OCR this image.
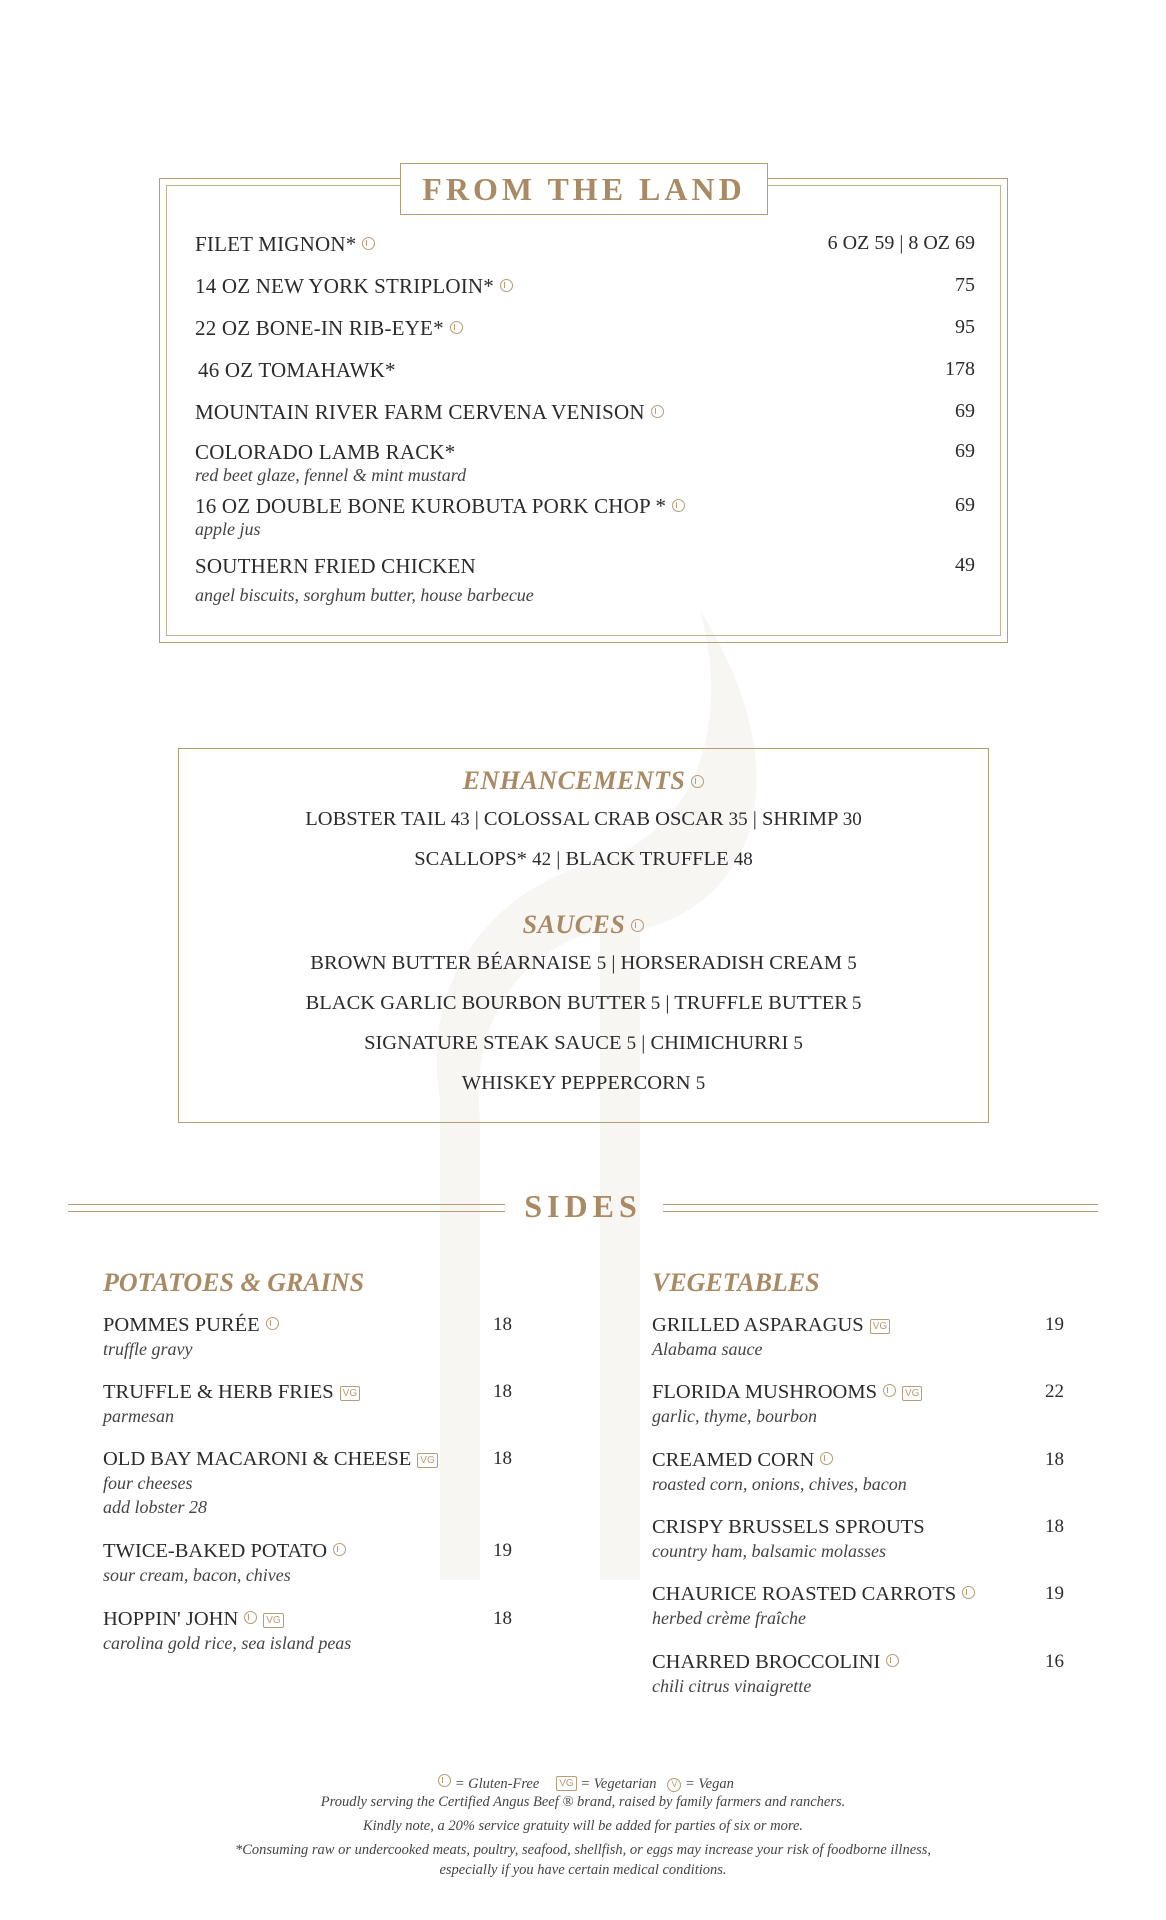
FROM THE LAND
FILET MIGNON*	6 OZ 59 | 8 OZ 69
14 OZ NEW YORK STRIPLOIN*	75
22 OZ BONE-IN RIB-EYE*	95
46 OZ TOMAHAWK*	178
MOUNTAIN RIVER FARM CERVENA VENISON	69
COLORADO LAMB RACK*
red beet glaze, fennel & mint mustard
69
16 OZ DOUBLE BONE KUROBUTA PORK CHOP *
apple jus
69
SOUTHERN FRIED CHICKEN
angel biscuits, sorghum butter, house barbecue
49
ENHANCEMENTS
LOBSTER TAIL 43 | COLOSSAL CRAB OSCAR 35 | SHRIMP 30
SCALLOPS* 42 | BLACK TRUFFLE 48
SAUCES
BROWN BUTTER BÉARNAISE 5 | HORSERADISH CREAM 5
BLACK GARLIC BOURBON BUTTER 5 | TRUFFLE BUTTER 5
SIGNATURE STEAK SAUCE 5 | CHIMICHURRI 5
WHISKEY PEPPERCORN 5
SIDES
POTATOES & GRAINS	VEGETABLES
POMMES PURÉE
truffle gravy
18
TRUFFLE & HERB FRIES VG
parmesan
18
OLD BAY MACARONI & CHEESE VG
four cheeses
add lobster 28
18
TWICE-BAKED POTATO
sour cream, bacon, chives
19
HOPPIN' JOHN	VG
carolina gold rice, sea island peas
18
GRILLED ASPARAGUS VG
Alabama sauce
19
FLORIDA MUSHROOMS	VG
garlic, thyme, bourbon
22
CREAMED CORN
roasted corn, onions, chives, bacon
18
CRISPY BRUSSELS SPROUTS
country ham, balsamic molasses
18
CHAURICE ROASTED CARROTS
herbed crème fraîche
19
CHARRED BROCCOLINI
chili citrus vinaigrette
16
= Gluten-Free VG = Vegetarian V = Vegan
Proudly serving the Certified Angus Beef ® brand, raised by family farmers and ranchers.
Kindly note, a 20% service gratuity will be added for parties of six or more.
*Consuming raw or undercooked meats, poultry, seafood, shellfish, or eggs may increase your risk of foodborne illness,
especially if you have certain medical conditions.
